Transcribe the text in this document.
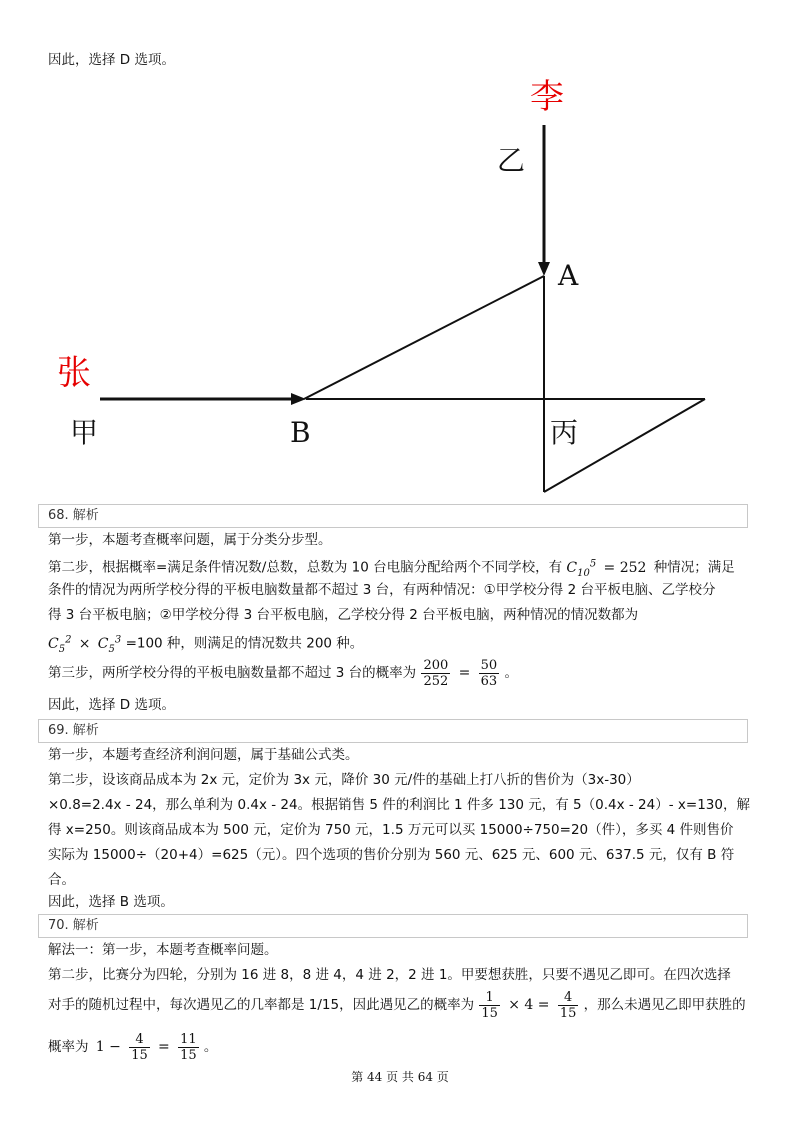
因此，选择 D 选项。
李
乙
A
张
甲	B	丙
68. 解析
第一步，本题考查概率问题，属于分类分步型。
第二步，根据概率=满足条件情况数/总数，总数为 10 台电脑分配给两个不同学校，有 $C_{10}^5 = 252$ 种情况；满足
条件的情况为两所学校分得的平板电脑数量都不超过 3 台，有两种情况：①甲学校分得 2 台平板电脑、乙学校分
得 3 台平板电脑；②甲学校分得 3 台平板电脑，乙学校分得 2 台平板电脑，两种情况的情况数都为
$C_5^2 \times C_5^3 =100$ 种，则满足的情况数共 200 种。
第三步，两所学校分得的平板电脑数量都不超过 3 台的概率为 $\frac{200}{252} = \frac{50}{63}$ 。
因此，选择 D 选项。
69. 解析
第一步，本题考查经济利润问题，属于基础公式类。
第二步，设该商品成本为 2x 元，定价为 3x 元，降价 30 元/件的基础上打八折的售价为（3x-30）
×0.8=2.4x - 24，那么单利为 0.4x - 24。根据销售 5 件的利润比 1 件多 130 元，有 5（0.4x - 24）- x=130，解
得 x=250。则该商品成本为 500 元，定价为 750 元，1.5 万元可以买 15000÷750=20（件），多买 4 件则售价
实际为 15000÷（20+4）=625（元）。四个选项的售价分别为 560 元、625 元、600 元、637.5 元，仅有 B 符
合。
因此，选择 B 选项。
70. 解析
解法一：第一步，本题考查概率问题。
第二步，比赛分为四轮，分别为 16 进 8，8 进 4，4 进 2，2 进 1。甲要想获胜，只要不遇见乙即可。在四次选择
对手的随机过程中，每次遇见乙的几率都是 1/15，因此遇见乙的概率为 $\frac{1}{15} \times 4 = \frac{4}{15}$ ，那么未遇见乙即甲获胜的
概率为 $1 - \frac{4}{15} = \frac{11}{15}$ 。
第 44 页 共 64 页
